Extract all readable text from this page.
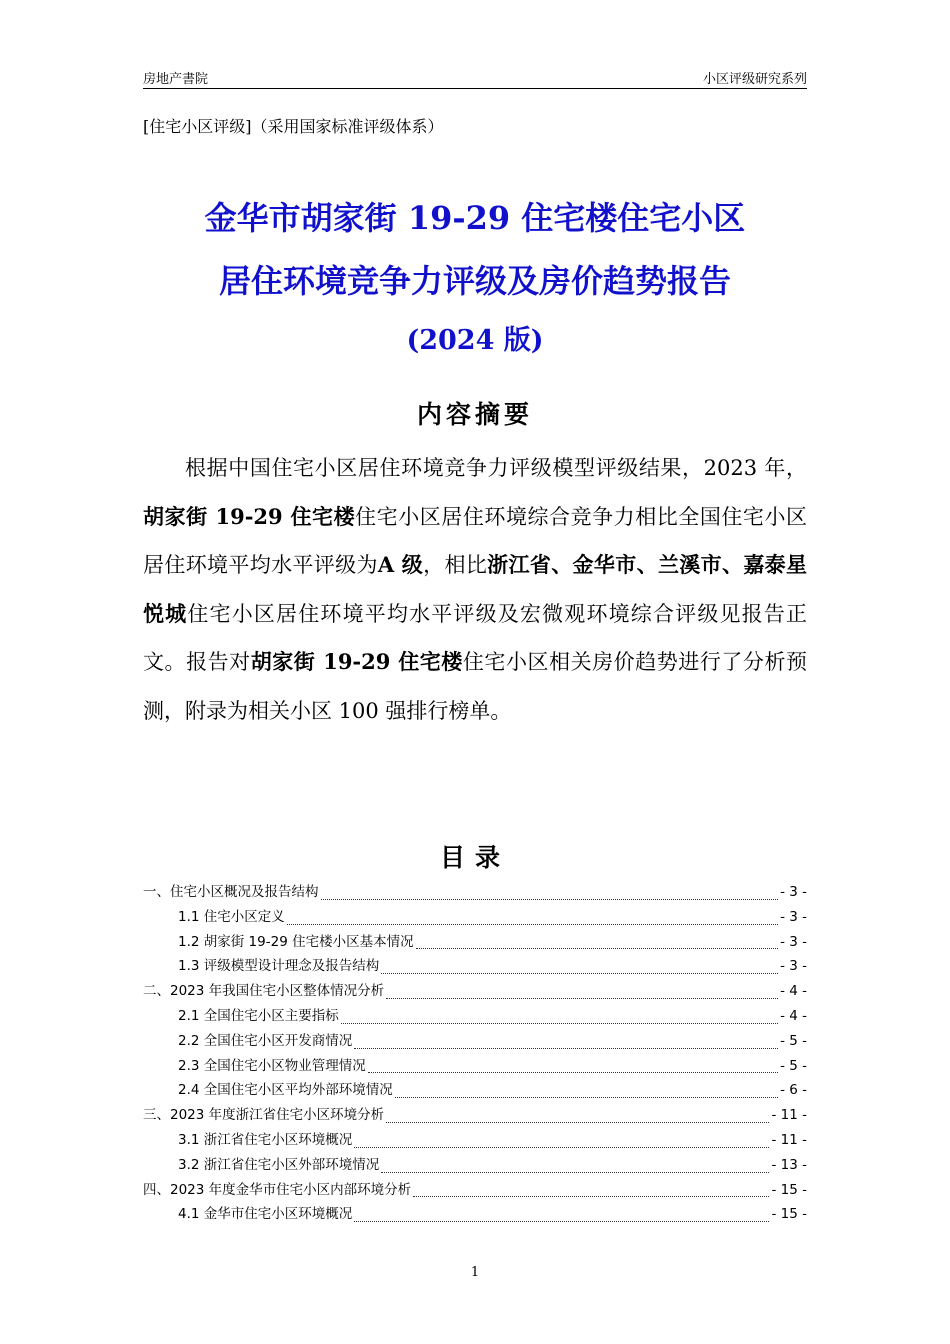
房地产書院	小区评级研究系列
[住宅小区评级]（采用国家标准评级体系）
金华市胡家街 19-29 住宅楼住宅小区
居住环境竞争力评级及房价趋势报告
(2024 版)
内容摘要

根据中国住宅小区居住环境竞争力评级模型评级结果，2023 年，胡家街 19-29 住宅楼住宅小区居住环境综合竞争力相比全国住宅小区居住环境平均水平评级为A 级，相比浙江省、金华市、兰溪市、嘉泰星悦城住宅小区居住环境平均水平评级及宏微观环境综合评级见报告正文。报告对胡家街 19-29 住宅楼住宅小区相关房价趋势进行了分析预测，附录为相关小区 100 强排行榜单。

目录
一、住宅小区概况及报告结构	- 3 -
1.1 住宅小区定义	- 3 -
1.2 胡家街 19-29 住宅楼小区基本情况	- 3 -
1.3 评级模型设计理念及报告结构	- 3 -
二、2023 年我国住宅小区整体情况分析	- 4 -
2.1 全国住宅小区主要指标	- 4 -
2.2 全国住宅小区开发商情况	- 5 -
2.3 全国住宅小区物业管理情况	- 5 -
2.4 全国住宅小区平均外部环境情况	- 6 -
三、2023 年度浙江省住宅小区环境分析	- 11 -
3.1 浙江省住宅小区环境概况	- 11 -
3.2 浙江省住宅小区外部环境情况	- 13 -
四、2023 年度金华市住宅小区内部环境分析	- 15 -
4.1 金华市住宅小区环境概况	- 15 -
1
